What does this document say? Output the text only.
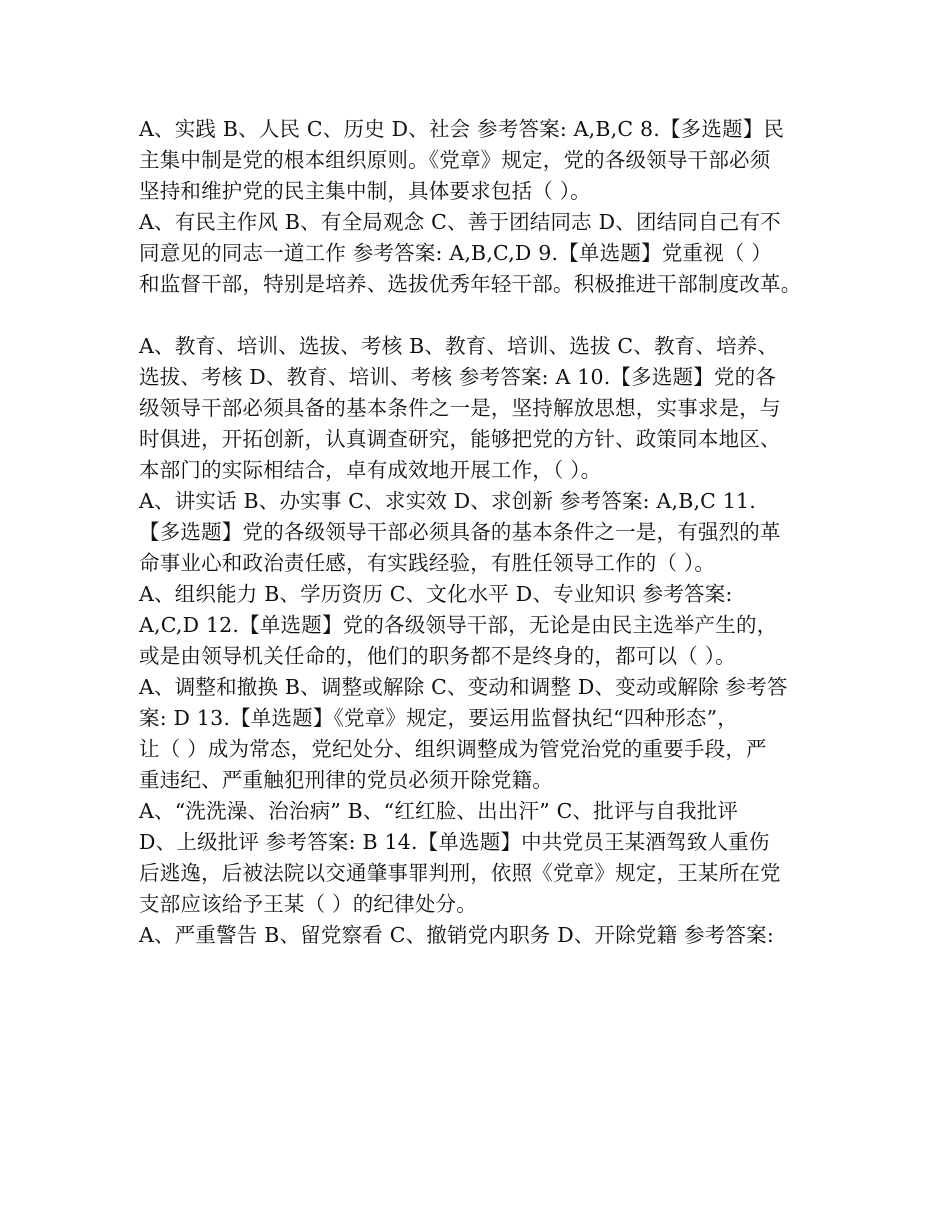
A、实践 B、人民 C、历史 D、社会 参考答案: A,B,C 8.【多选题】民
主集中制是党的根本组织原则。《党章》规定，党的各级领导干部必须
坚持和维护党的民主集中制，具体要求包括（ ）。
A、有民主作风 B、有全局观念 C、善于团结同志 D、团结同自己有不
同意见的同志一道工作 参考答案: A,B,C,D 9.【单选题】党重视（ ）
和监督干部，特别是培养、选拔优秀年轻干部。积极推进干部制度改革。
A、教育、培训、选拔、考核 B、教育、培训、选拔 C、教育、培养、
选拔、考核 D、教育、培训、考核 参考答案: A 10.【多选题】党的各
级领导干部必须具备的基本条件之一是，坚持解放思想，实事求是，与
时俱进，开拓创新，认真调查研究，能够把党的方针、政策同本地区、
本部门的实际相结合，卓有成效地开展工作，（ ）。
A、讲实话 B、办实事 C、求实效 D、求创新 参考答案: A,B,C 11.
【多选题】党的各级领导干部必须具备的基本条件之一是，有强烈的革
命事业心和政治责任感，有实践经验，有胜任领导工作的（ ）。
A、组织能力 B、学历资历 C、文化水平 D、专业知识 参考答案:
A,C,D 12.【单选题】党的各级领导干部，无论是由民主选举产生的，
或是由领导机关任命的，他们的职务都不是终身的，都可以（ ）。
A、调整和撤换 B、调整或解除 C、变动和调整 D、变动或解除 参考答
案: D 13.【单选题】《党章》规定，要运用监督执纪“四种形态”，
让（ ）成为常态，党纪处分、组织调整成为管党治党的重要手段，严
重违纪、严重触犯刑律的党员必须开除党籍。
A、“洗洗澡、治治病” B、“红红脸、出出汗” C、批评与自我批评
D、上级批评 参考答案: B 14.【单选题】中共党员王某酒驾致人重伤
后逃逸，后被法院以交通肇事罪判刑，依照《党章》规定，王某所在党
支部应该给予王某（ ）的纪律处分。
A、严重警告 B、留党察看 C、撤销党内职务 D、开除党籍 参考答案:
